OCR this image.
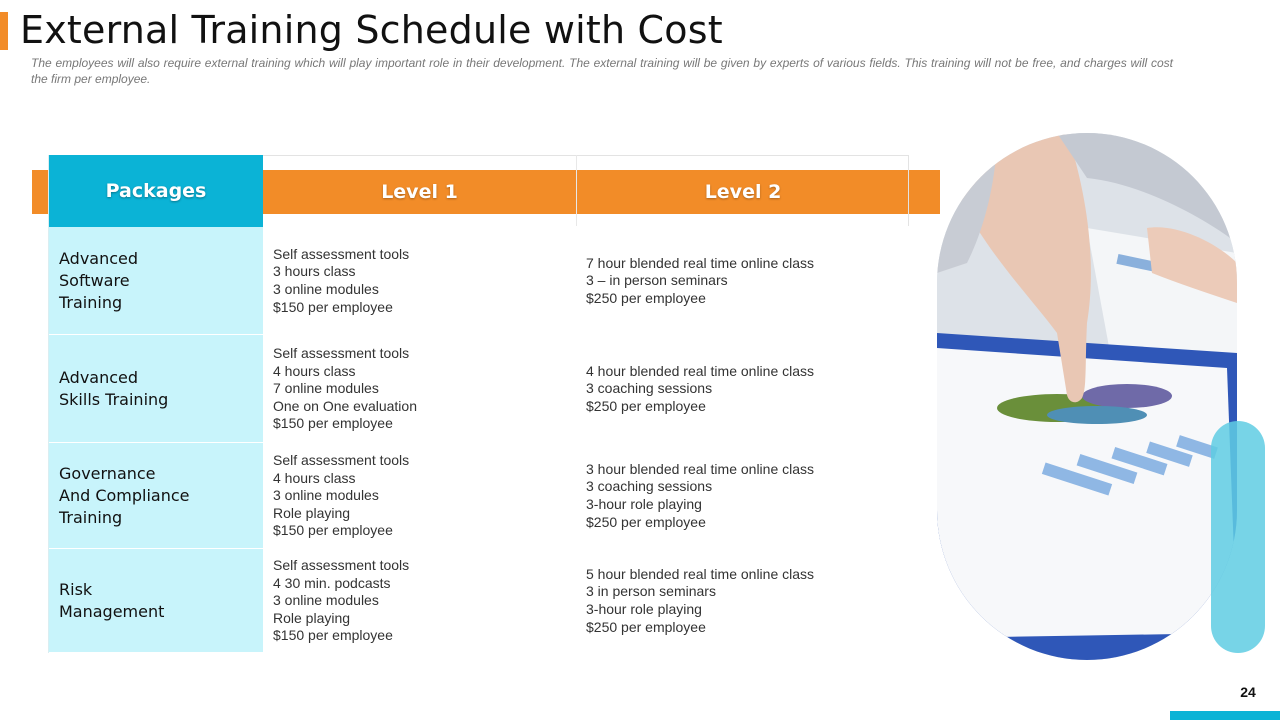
External Training Schedule with Cost
The employees will also require external training which will play important role in their development. The external training will be given by experts of various fields. This training will not be free, and charges will cost the firm per employee.
Packages	Level 1	Level 2
Advanced
Software
Training
Self assessment tools
3 hours class
3 online modules
$150 per employee
7 hour blended real time online class
3 – in person seminars
$250 per employee
Advanced
Skills Training
Self assessment tools
4 hours class
7 online modules
One on One evaluation
$150 per employee
4 hour blended real time online class
3 coaching sessions
$250 per employee
Governance
And Compliance
Training
Self assessment tools
4 hours class
3 online modules
Role playing
$150 per employee
3 hour blended real time online class
3 coaching sessions
3-hour role playing
$250 per employee
Risk
Management
Self assessment tools
4 30 min. podcasts
3 online modules
Role playing
$150 per employee
5 hour blended real time online class
3 in person seminars
3-hour role playing
$250 per employee
24
